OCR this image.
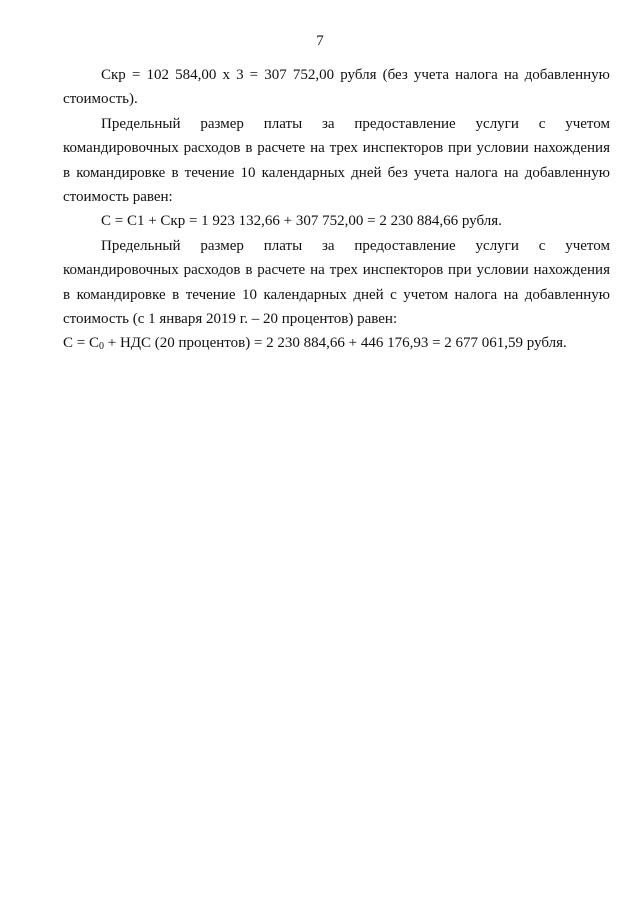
7
Скр = 102 584,00 х 3 = 307 752,00 рубля (без учета налога на добавленную
стоимость).
Предельный размер платы за предоставление услуги с учетом
командировочных расходов в расчете на трех инспекторов при условии нахождения
в командировке в течение 10 календарных дней без учета налога на добавленную
стоимость равен:
С = С1 + Скр = 1 923 132,66 + 307 752,00 = 2 230 884,66 рубля.
Предельный размер платы за предоставление услуги с учетом
командировочных расходов в расчете на трех инспекторов при условии нахождения
в командировке в течение 10 календарных дней с учетом налога на добавленную
стоимость (с 1 января 2019 г. – 20 процентов) равен:
$С = С_0$ + НДС (20 процентов) = 2 230 884,66 + 446 176,93 = 2 677 061,59 рубля.
